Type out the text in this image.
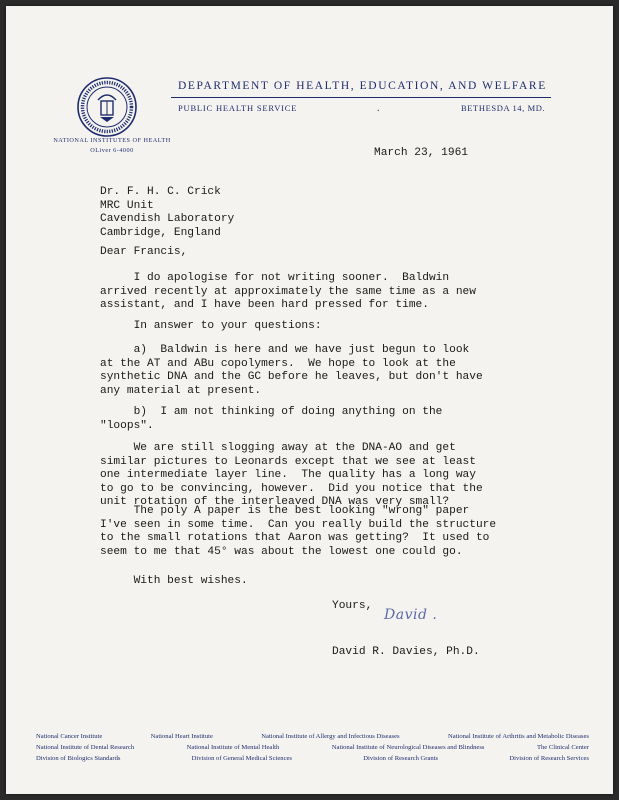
DEPARTMENT OF HEALTH, EDUCATION, AND WELFARE
PUBLIC HEALTH SERVICE	.	BETHESDA 14, MD.
NATIONAL INSTITUTES OF HEALTH
OLiver 6-4000	March 23, 1961
Dr. F. H. C. Crick
MRC Unit
Cavendish Laboratory
Cambridge, England
Dear Francis,
I do apologise for not writing sooner.  Baldwin
arrived recently at approximately the same time as a new
assistant, and I have been hard pressed for time.
In answer to your questions:
a)  Baldwin is here and we have just begun to look
at the AT and ABu copolymers.  We hope to look at the
synthetic DNA and the GC before he leaves, but don't have
any material at present.
b)  I am not thinking of doing anything on the
"loops".
We are still slogging away at the DNA-AO and get
similar pictures to Leonards except that we see at least
one intermediate layer line.  The quality has a long way
to go to be convincing, however.  Did you notice that the
unit rotation of the interleaved DNA was very small?
The poly A paper is the best looking "wrong" paper
I've seen in some time.  Can you really build the structure
to the small rotations that Aaron was getting?  It used to
seem to me that 45° was about the lowest one could go.
With best wishes.
Yours,
David .
David R. Davies, Ph.D.
National Cancer Institute	National Heart Institute	National Institute of Allergy and Infectious Diseases	National Institute of Arthritis and Metabolic Diseases
National Institute of Dental Research	National Institute of Mental Health	National Institute of Neurological Diseases and Blindness	The Clinical Center
Division of Biologics Standards	Division of General Medical Sciences	Division of Research Grants	Division of Research Services
